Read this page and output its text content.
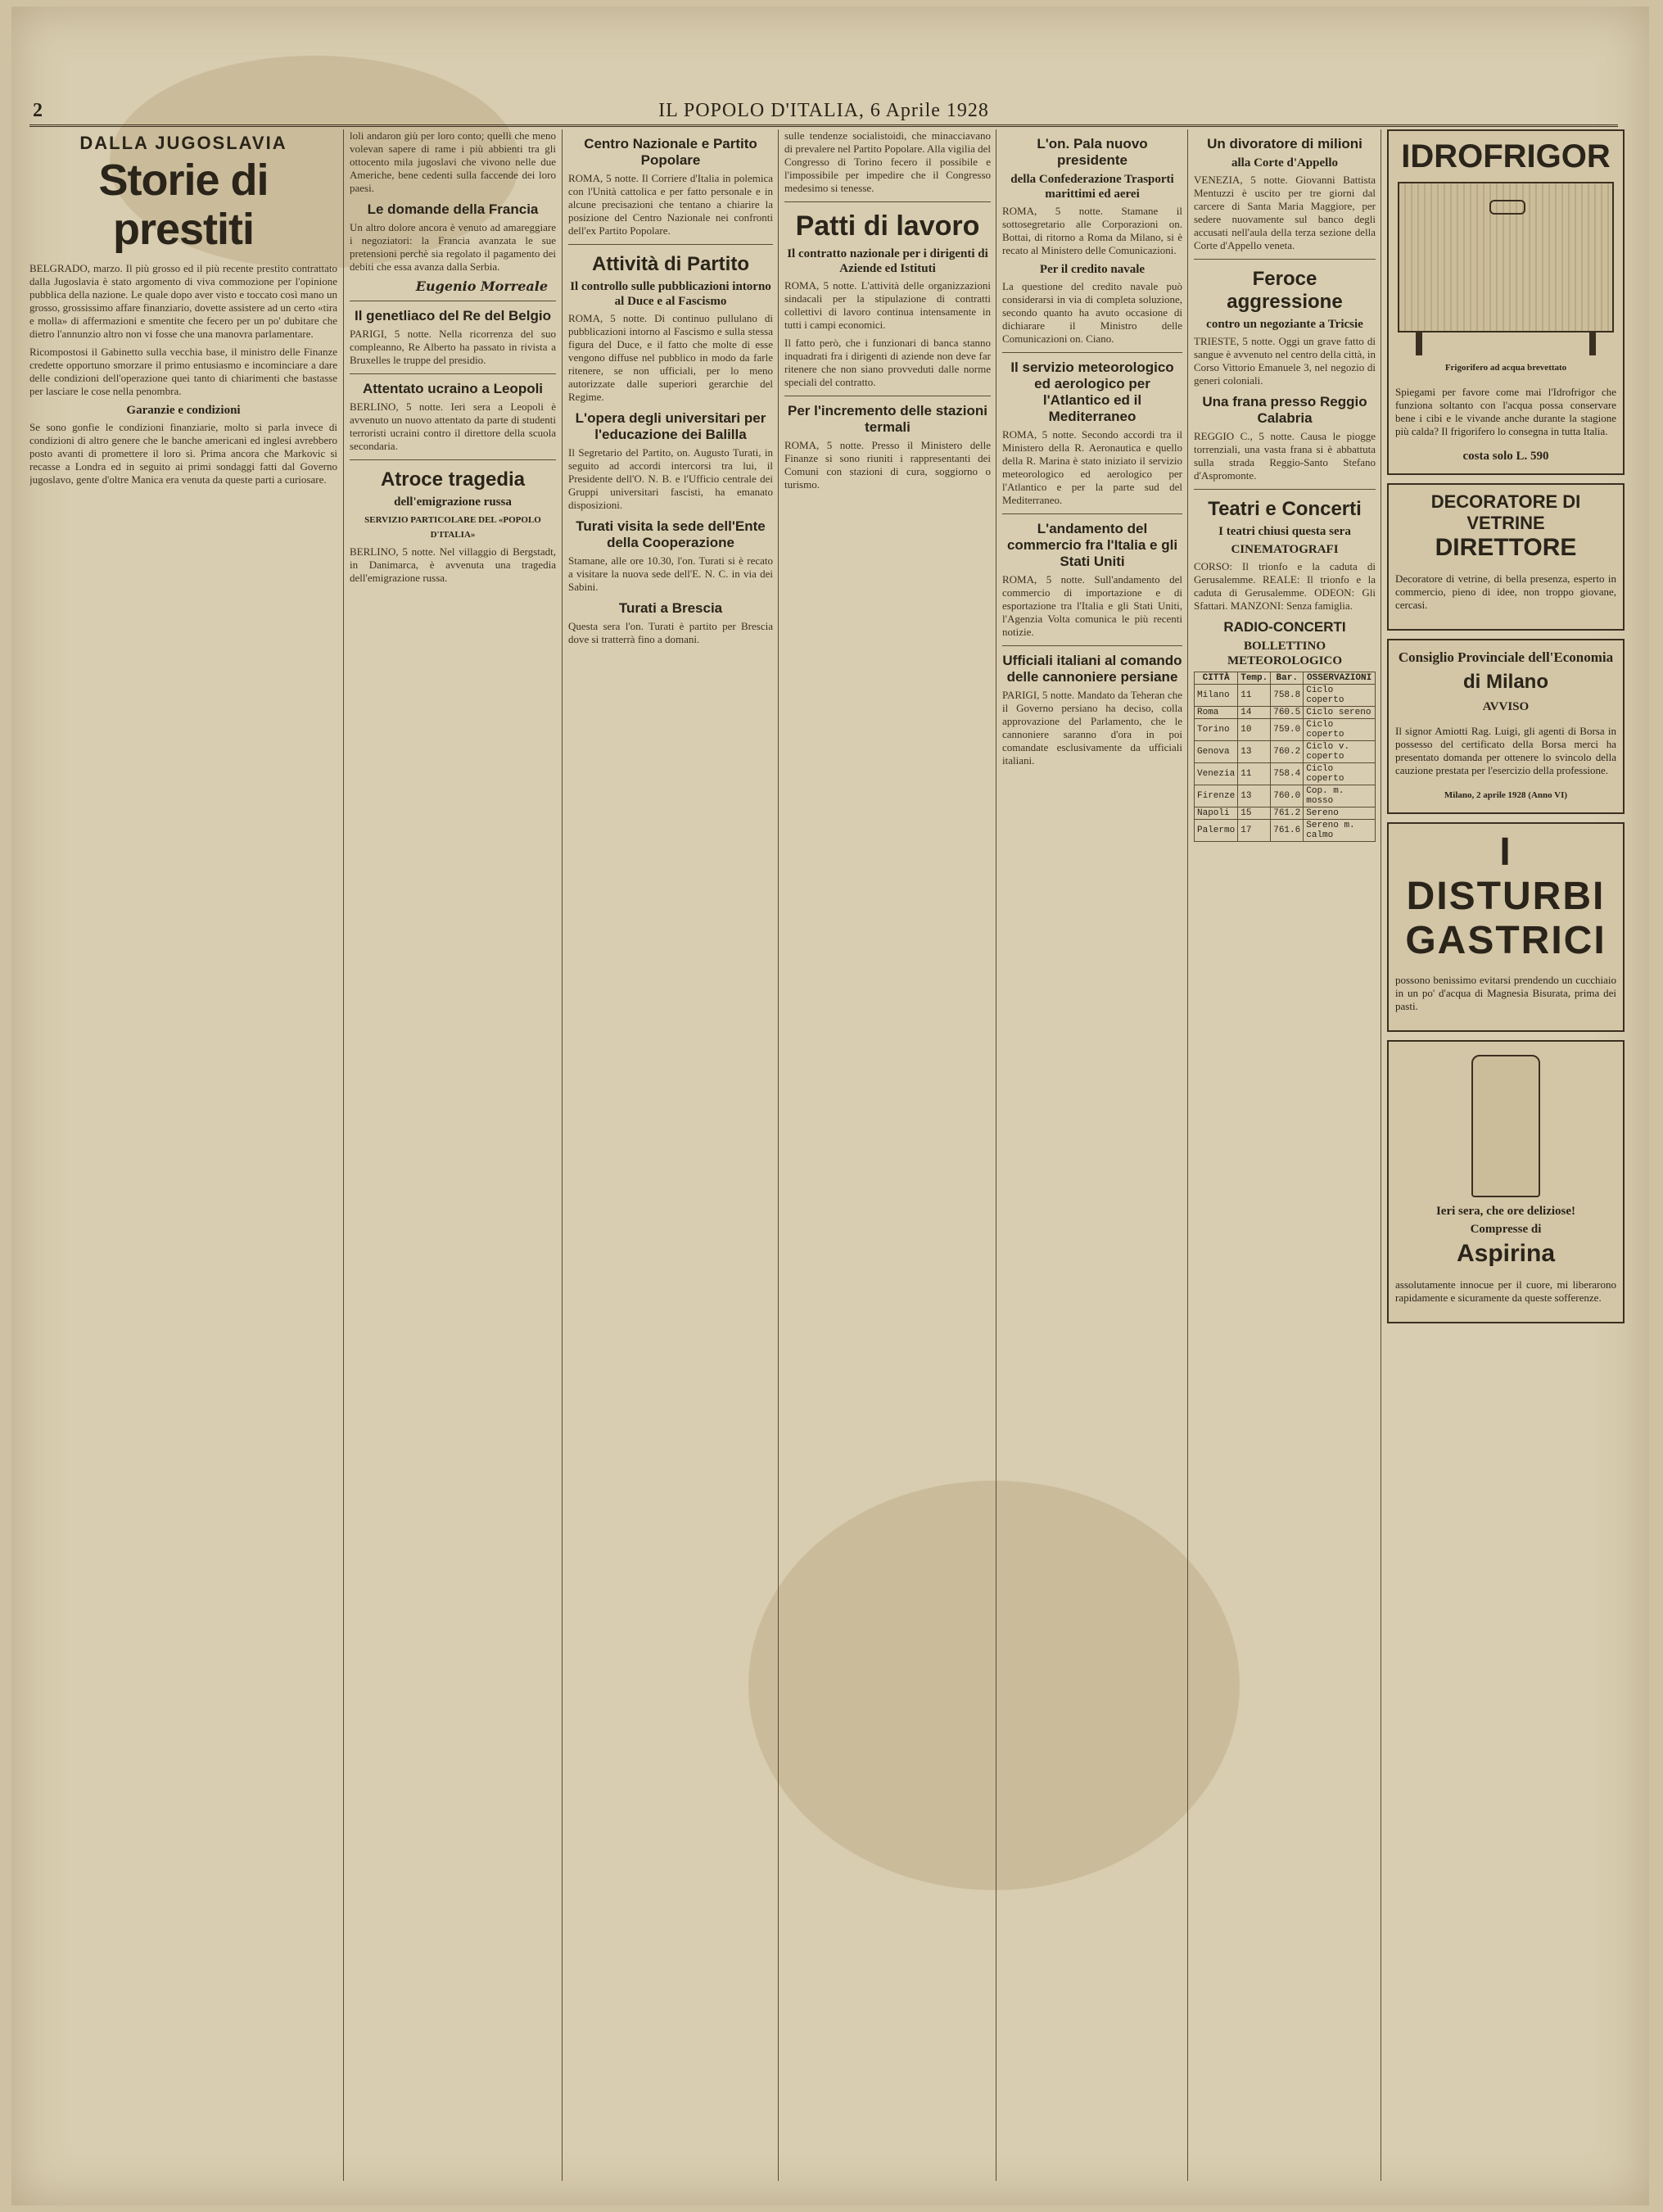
2	IL POPOLO D'ITALIA, 6 Aprile 1928
DALLA JUGOSLAVIA
Storie di prestiti

BELGRADO, marzo. Il più grosso ed il più recente prestito contrattato dalla Jugoslavia è stato argomento di viva commozione per l'opinione pubblica della nazione. Le quale dopo aver visto e toccato così mano un grosso, grossissimo affare finanziario, dovette assistere ad un certo «tira e molla» di affermazioni e smentite che fecero per un po' dubitare che dietro l'annunzio altro non vi fosse che una manovra parlamentare.

Ricompostosi il Gabinetto sulla vecchia base, il ministro delle Finanze credette opportuno smorzare il primo entusiasmo e incominciare a dare delle condizioni dell'operazione quei tanto di chiarimenti che bastasse per lasciare le cose nella penombra.

Garanzie e condizioni

Se sono gonfie le condizioni finanziarie, molto si parla invece di condizioni di altro genere che le banche americani ed inglesi avrebbero posto avanti di promettere il loro sì. Prima ancora che Markovic si recasse a Londra ed in seguito ai primi sondaggi fatti dal Governo jugoslavo, gente d'oltre Manica era venuta da queste parti a curiosare.

loli andaron giù per loro conto; quelli che meno volevan sapere di rame i più abbienti tra gli ottocento mila jugoslavi che vivono nelle due Americhe, bene cedenti sulla faccende dei loro paesi.

Le domande della Francia

Un altro dolore ancora è venuto ad amareggiare i negoziatori: la Francia avanzata le sue pretensioni perchè sia regolato il pagamento dei debiti che essa avanza dalla Serbia.

Eugenio Morreale
Il genetliaco del Re del Belgio

PARIGI, 5 notte. Nella ricorrenza del suo compleanno, Re Alberto ha passato in rivista a Bruxelles le truppe del presidio.

Attentato ucraino a Leopoli

BERLINO, 5 notte. Ieri sera a Leopoli è avvenuto un nuovo attentato da parte di studenti terroristi ucraini contro il direttore della scuola secondaria.

Atroce tragedia
dell'emigrazione russa
SERVIZIO PARTICOLARE DEL «POPOLO D'ITALIA»

BERLINO, 5 notte. Nel villaggio di Bergstadt, in Danimarca, è avvenuta una tragedia dell'emigrazione russa.

Centro Nazionale e Partito Popolare

ROMA, 5 notte. Il Corriere d'Italia in polemica con l'Unità cattolica e per fatto personale e in alcune precisazioni che tentano a chiarire la posizione del Centro Nazionale nei confronti dell'ex Partito Popolare.

Attività di Partito
Il controllo sulle pubblicazioni intorno al Duce e al Fascismo

ROMA, 5 notte. Di continuo pullulano di pubblicazioni intorno al Fascismo e sulla stessa figura del Duce, e il fatto che molte di esse vengono diffuse nel pubblico in modo da farle ritenere, se non ufficiali, per lo meno autorizzate dalle superiori gerarchie del Regime.

L'opera degli universitari per l'educazione dei Balilla

Il Segretario del Partito, on. Augusto Turati, in seguito ad accordi intercorsi tra lui, il Presidente dell'O. N. B. e l'Ufficio centrale dei Gruppi universitari fascisti, ha emanato disposizioni.

Turati visita la sede dell'Ente della Cooperazione

Stamane, alle ore 10.30, l'on. Turati si è recato a visitare la nuova sede dell'E. N. C. in via dei Sabini.

Turati a Brescia

Questa sera l'on. Turati è partito per Brescia dove si tratterrà fino a domani.

sulle tendenze socialistoidi, che minacciavano di prevalere nel Partito Popolare. Alla vigilia del Congresso di Torino fecero il possibile e l'impossibile per impedire che il Congresso medesimo si tenesse.

Patti di lavoro
Il contratto nazionale per i dirigenti di Aziende ed Istituti

ROMA, 5 notte. L'attività delle organizzazioni sindacali per la stipulazione di contratti collettivi di lavoro continua intensamente in tutti i campi economici.

Il fatto però, che i funzionari di banca stanno inquadrati fra i dirigenti di aziende non deve far ritenere che non siano provveduti dalle norme speciali del contratto.

Per l'incremento delle stazioni termali

ROMA, 5 notte. Presso il Ministero delle Finanze si sono riuniti i rappresentanti dei Comuni con stazioni di cura, soggiorno o turismo.

L'on. Pala nuovo presidente
della Confederazione Trasporti marittimi ed aerei

ROMA, 5 notte. Stamane il sottosegretario alle Corporazioni on. Bottai, di ritorno a Roma da Milano, si è recato al Ministero delle Comunicazioni.

Per il credito navale

La questione del credito navale può considerarsi in via di completa soluzione, secondo quanto ha avuto occasione di dichiarare il Ministro delle Comunicazioni on. Ciano.

Il servizio meteorologico ed aerologico per l'Atlantico ed il Mediterraneo

ROMA, 5 notte. Secondo accordi tra il Ministero della R. Aeronautica e quello della R. Marina è stato iniziato il servizio meteorologico ed aerologico per l'Atlantico e per la parte sud del Mediterraneo.

L'andamento del commercio fra l'Italia e gli Stati Uniti

ROMA, 5 notte. Sull'andamento del commercio di importazione e di esportazione tra l'Italia e gli Stati Uniti, l'Agenzia Volta comunica le più recenti notizie.

Ufficiali italiani al comando delle cannoniere persiane

PARIGI, 5 notte. Mandato da Teheran che il Governo persiano ha deciso, colla approvazione del Parlamento, che le cannoniere saranno d'ora in poi comandate esclusivamente da ufficiali italiani.

Un divoratore di milioni
alla Corte d'Appello

VENEZIA, 5 notte. Giovanni Battista Mentuzzi è uscito per tre giorni dal carcere di Santa Maria Maggiore, per sedere nuovamente sul banco degli accusati nell'aula della terza sezione della Corte d'Appello veneta.

Feroce aggressione
contro un negoziante a Tricsie

TRIESTE, 5 notte. Oggi un grave fatto di sangue è avvenuto nel centro della città, in Corso Vittorio Emanuele 3, nel negozio di generi coloniali.

Una frana presso Reggio Calabria

REGGIO C., 5 notte. Causa le piogge torrenziali, una vasta frana si è abbattuta sulla strada Reggio-Santo Stefano d'Aspromonte.

Teatri e Concerti
I teatri chiusi questa sera
CINEMATOGRAFI

CORSO: Il trionfo e la caduta di Gerusalemme. REALE: Il trionfo e la caduta di Gerusalemme. ODEON: Gli Sfattari. MANZONI: Senza famiglia.

RADIO-CONCERTI
BOLLETTINO METEOROLOGICO
CITTÀ	Temp.	Bar.	OSSERVAZIONI
Milano	11	758.8	Ciclo coperto
Roma	14	760.5	Ciclo sereno
Torino	10	759.0	Ciclo coperto
Genova	13	760.2	Ciclo v. coperto
Venezia	11	758.4	Ciclo coperto
Firenze	13	760.0	Cop. m. mosso
Napoli	15	761.2	Sereno
Palermo	17	761.6	Sereno m. calmo
IDROFRIGOR
Frigorifero ad acqua brevettato

Spiegami per favore come mai l'Idrofrigor che funziona soltanto con l'acqua possa conservare bene i cibi e le vivande anche durante la stagione più calda? Il frigorifero lo consegna in tutta Italia.

costa solo L. 590
DECORATORE DI VETRINE
DIRETTORE

Decoratore di vetrine, di bella presenza, esperto in commercio, pieno di idee, non troppo giovane, cercasi.

Consiglio Provinciale dell'Economia
di Milano
AVVISO

Il signor Amiotti Rag. Luigi, gli agenti di Borsa in possesso del certificato della Borsa merci ha presentato domanda per ottenere lo svincolo della cauzione prestata per l'esercizio della professione.

Milano, 2 aprile 1928 (Anno VI)
I DISTURBI GASTRICI

possono benissimo evitarsi prendendo un cucchiaio in un po' d'acqua di Magnesia Bisurata, prima dei pasti.

Ieri sera, che ore deliziose!
Compresse di
Aspirina

assolutamente innocue per il cuore, mi liberarono rapidamente e sicuramente da queste sofferenze.
